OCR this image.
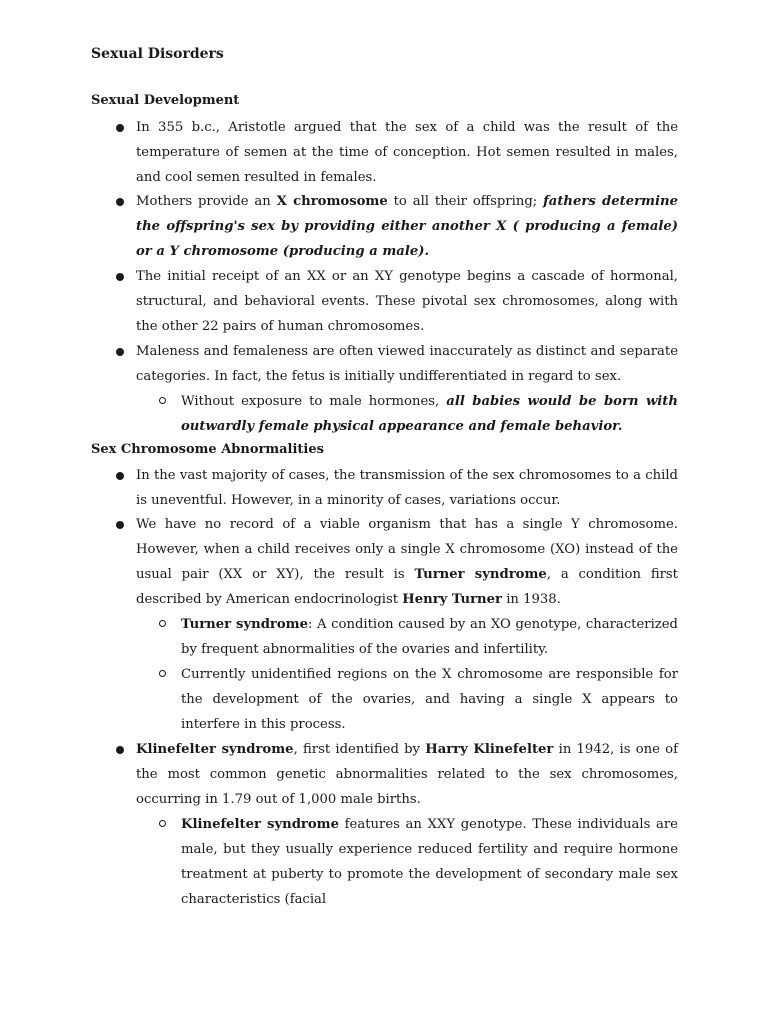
Sexual Disorders
Sexual Development

In 355 b.c., Aristotle argued that the sex of a child was the result of the temperature of semen at the time of conception. Hot semen resulted in males, and cool semen resulted in females.

Mothers provide an X chromosome to all their offspring; fathers determine the offspring's sex by providing either another X ( producing a female) or a Y chromosome (producing a male).

The initial receipt of an XX or an XY genotype begins a cascade of hormonal, structural, and behavioral events. These pivotal sex chromosomes, along with the other 22 pairs of human chromosomes.

Maleness and femaleness are often viewed inaccurately as distinct and separate categories. In fact, the fetus is initially undifferentiated in regard to sex.

Without exposure to male hormones, all babies would be born with outwardly female physical appearance and female behavior.

Sex Chromosome Abnormalities

In the vast majority of cases, the transmission of the sex chromosomes to a child is uneventful. However, in a minority of cases, variations occur.

We have no record of a viable organism that has a single Y chromosome. However, when a child receives only a single X chromosome (XO) instead of the usual pair (XX or XY), the result is Turner syndrome, a condition first described by American endocrinologist Henry Turner in 1938.

Turner syndrome: A condition caused by an XO genotype, characterized by frequent abnormalities of the ovaries and infertility.

Currently unidentified regions on the X chromosome are responsible for the development of the ovaries, and having a single X appears to interfere in this process.

Klinefelter syndrome, first identified by Harry Klinefelter in 1942, is one of the most common genetic abnormalities related to the sex chromosomes, occurring in 1.79 out of 1,000 male births.

Klinefelter syndrome features an XXY genotype. These individuals are male, but they usually experience reduced fertility and require hormone treatment at puberty to promote the development of secondary male sex characteristics (facial
